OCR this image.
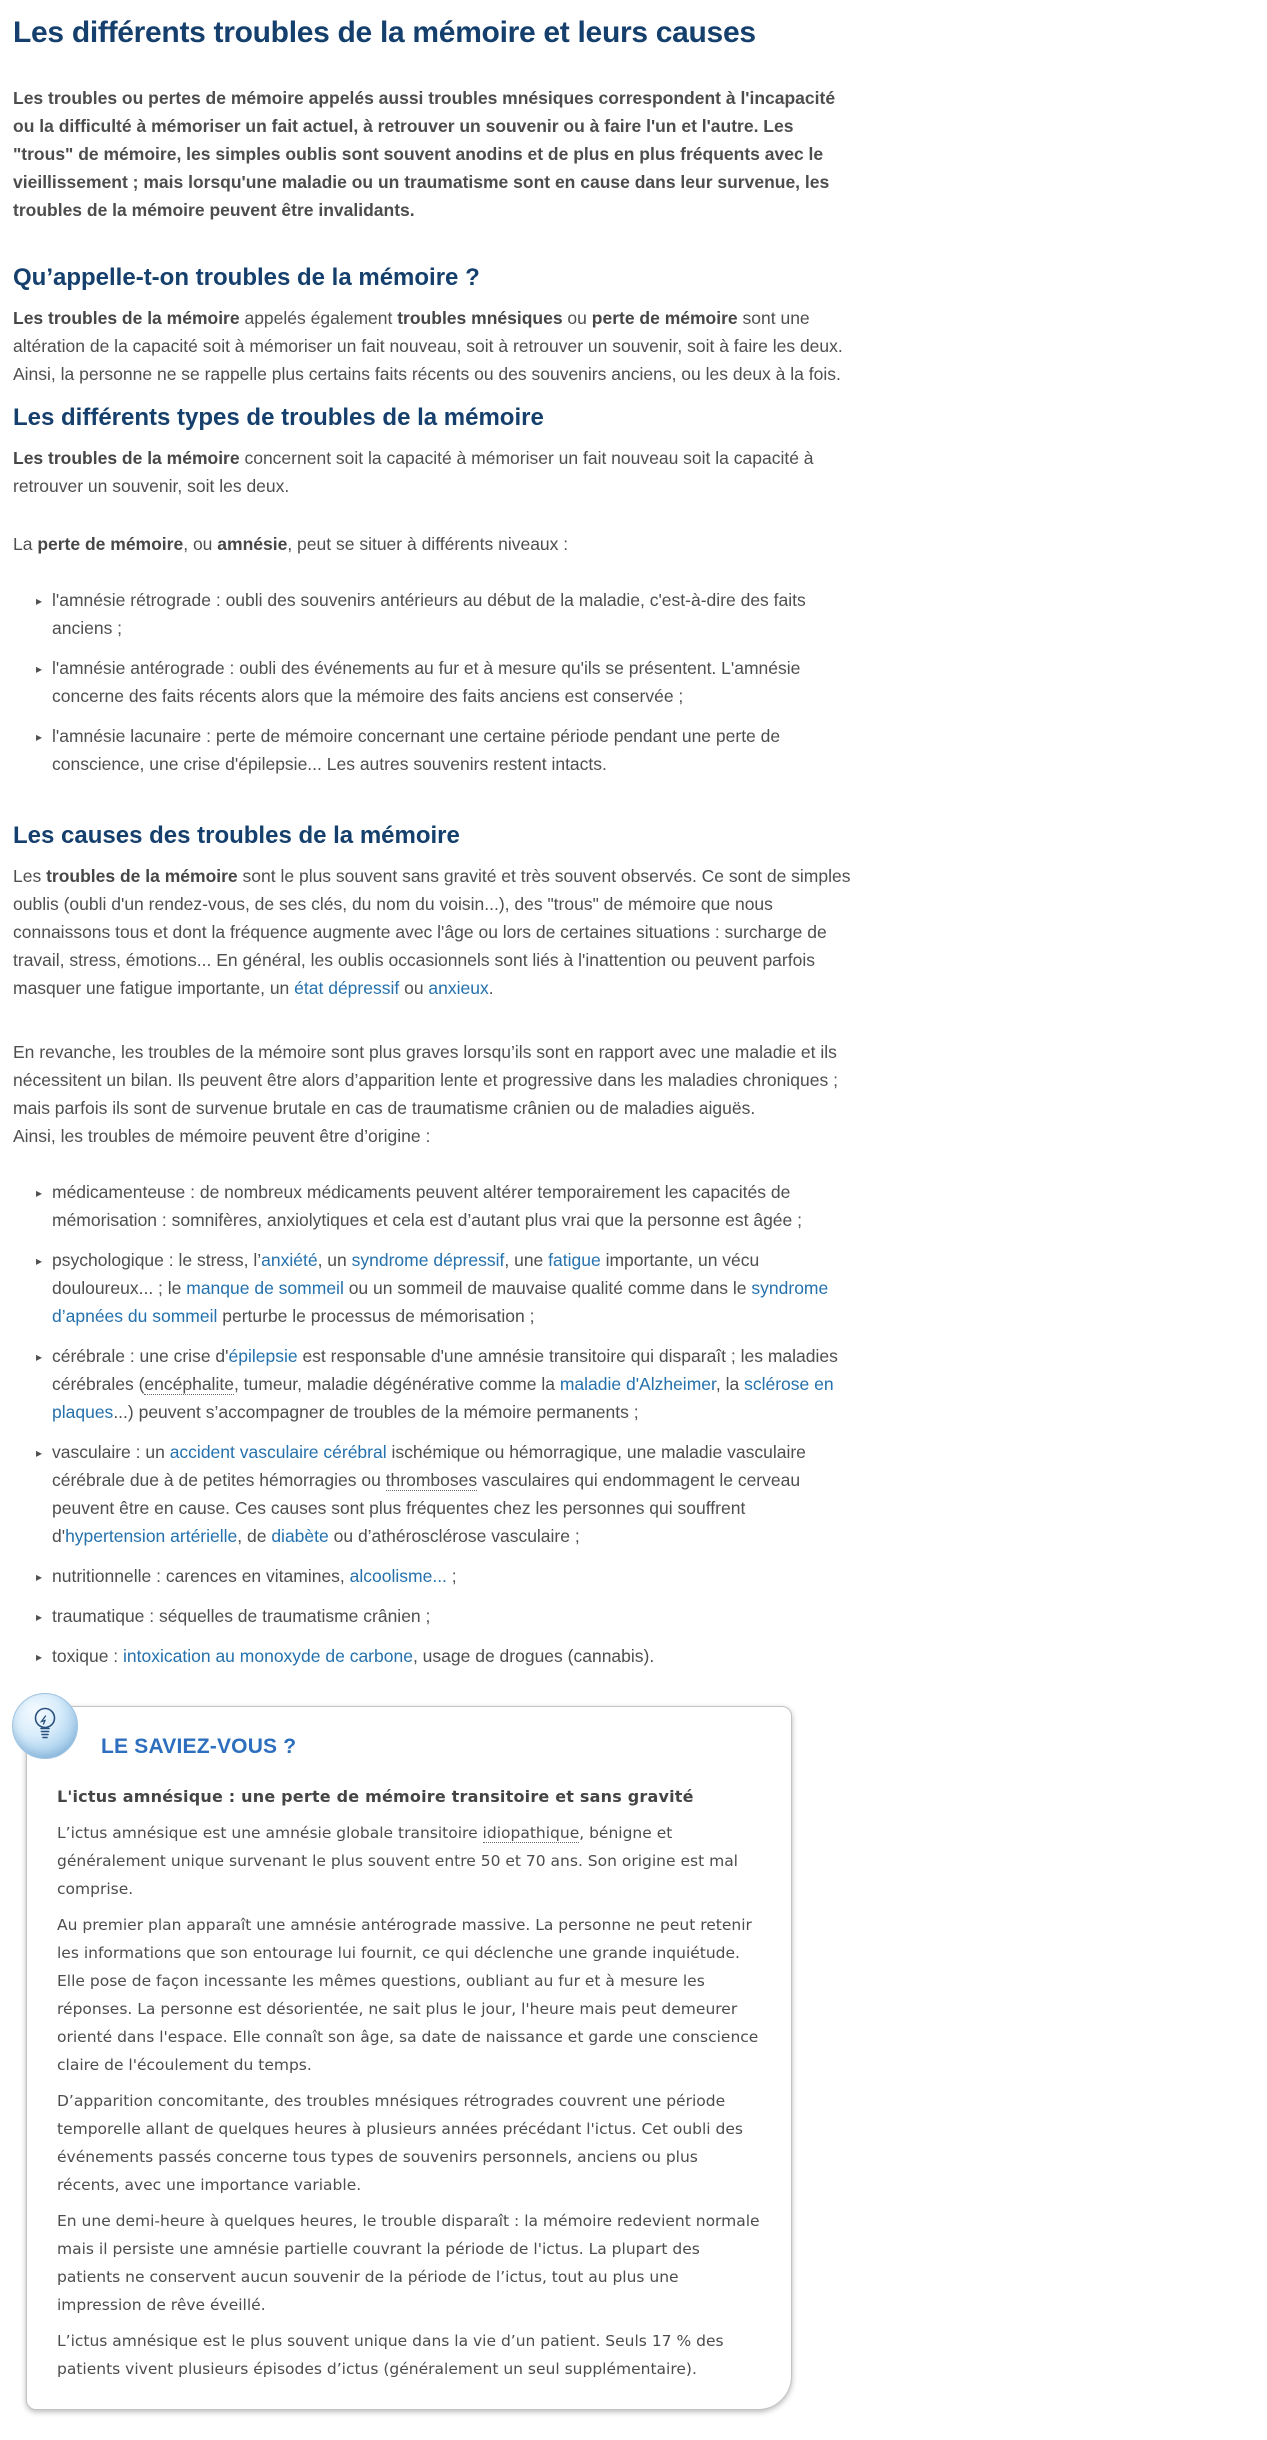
Les différents troubles de la mémoire et leurs causes

Les troubles ou pertes de mémoire appelés aussi troubles mnésiques correspondent à l'incapacité ou la difficulté à mémoriser un fait actuel, à retrouver un souvenir ou à faire l'un et l'autre. Les "trous" de mémoire, les simples oublis sont souvent anodins et de plus en plus fréquents avec le vieillissement ; mais lorsqu'une maladie ou un traumatisme sont en cause dans leur survenue, les troubles de la mémoire peuvent être invalidants.

Qu’appelle-t-on troubles de la mémoire ?

Les troubles de la mémoire appelés également troubles mnésiques ou perte de mémoire sont une altération de la capacité soit à mémoriser un fait nouveau, soit à retrouver un souvenir, soit à faire les deux. Ainsi, la personne ne se rappelle plus certains faits récents ou des souvenirs anciens, ou les deux à la fois.

Les différents types de troubles de la mémoire

Les troubles de la mémoire concernent soit la capacité à mémoriser un fait nouveau soit la capacité à retrouver un souvenir, soit les deux.

La perte de mémoire, ou amnésie, peut se situer à différents niveaux :

▸ l'amnésie rétrograde : oubli des souvenirs antérieurs au début de la maladie, c'est-à-dire des faits anciens ;
▸ l'amnésie antérograde : oubli des événements au fur et à mesure qu'ils se présentent. L'amnésie concerne des faits récents alors que la mémoire des faits anciens est conservée ;
▸ l'amnésie lacunaire : perte de mémoire concernant une certaine période pendant une perte de conscience, une crise d'épilepsie... Les autres souvenirs restent intacts.
Les causes des troubles de la mémoire

Les troubles de la mémoire sont le plus souvent sans gravité et très souvent observés. Ce sont de simples oublis (oubli d'un rendez-vous, de ses clés, du nom du voisin...), des "trous" de mémoire que nous connaissons tous et dont la fréquence augmente avec l'âge ou lors de certaines situations : surcharge de travail, stress, émotions... En général, les oublis occasionnels sont liés à l'inattention ou peuvent parfois masquer une fatigue importante, un état dépressif ou anxieux.

En revanche, les troubles de la mémoire sont plus graves lorsqu’ils sont en rapport avec une maladie et ils nécessitent un bilan. Ils peuvent être alors d’apparition lente et progressive dans les maladies chroniques ; mais parfois ils sont de survenue brutale en cas de traumatisme crânien ou de maladies aiguës.
Ainsi, les troubles de mémoire peuvent être d’origine :

▸ médicamenteuse : de nombreux médicaments peuvent altérer temporairement les capacités de mémorisation : somnifères, anxiolytiques et cela est d’autant plus vrai que la personne est âgée ;
▸ psychologique : le stress, l’anxiété, un syndrome dépressif, une fatigue importante, un vécu douloureux... ; le manque de sommeil ou un sommeil de mauvaise qualité comme dans le syndrome d’apnées du sommeil perturbe le processus de mémorisation ;
▸ cérébrale : une crise d'épilepsie est responsable d'une amnésie transitoire qui disparaît ; les maladies cérébrales (encéphalite, tumeur, maladie dégénérative comme la maladie d'Alzheimer, la sclérose en plaques...) peuvent s’accompagner de troubles de la mémoire permanents ;
▸ vasculaire : un accident vasculaire cérébral ischémique ou hémorragique, une maladie vasculaire cérébrale due à de petites hémorragies ou thromboses vasculaires qui endommagent le cerveau peuvent être en cause. Ces causes sont plus fréquentes chez les personnes qui souffrent d'hypertension artérielle, de diabète ou d’athérosclérose vasculaire ;
▸ nutritionnelle : carences en vitamines, alcoolisme... ;
▸ traumatique : séquelles de traumatisme crânien ;
▸ toxique : intoxication au monoxyde de carbone, usage de drogues (cannabis).
LE SAVIEZ-VOUS ?
L'ictus amnésique : une perte de mémoire transitoire et sans gravité

L’ictus amnésique est une amnésie globale transitoire idiopathique, bénigne et généralement unique survenant le plus souvent entre 50 et 70 ans. Son origine est mal comprise.

Au premier plan apparaît une amnésie antérograde massive. La personne ne peut retenir les informations que son entourage lui fournit, ce qui déclenche une grande inquiétude. Elle pose de façon incessante les mêmes questions, oubliant au fur et à mesure les réponses. La personne est désorientée, ne sait plus le jour, l'heure mais peut demeurer orienté dans l'espace. Elle connaît son âge, sa date de naissance et garde une conscience claire de l'écoulement du temps.

D’apparition concomitante, des troubles mnésiques rétrogrades couvrent une période temporelle allant de quelques heures à plusieurs années précédant l'ictus. Cet oubli des événements passés concerne tous types de souvenirs personnels, anciens ou plus récents, avec une importance variable.

En une demi-heure à quelques heures, le trouble disparaît : la mémoire redevient normale mais il persiste une amnésie partielle couvrant la période de l'ictus. La plupart des patients ne conservent aucun souvenir de la période de l’ictus, tout au plus une impression de rêve éveillé.

L’ictus amnésique est le plus souvent unique dans la vie d’un patient. Seuls 17 % des patients vivent plusieurs épisodes d’ictus (généralement un seul supplémentaire).
